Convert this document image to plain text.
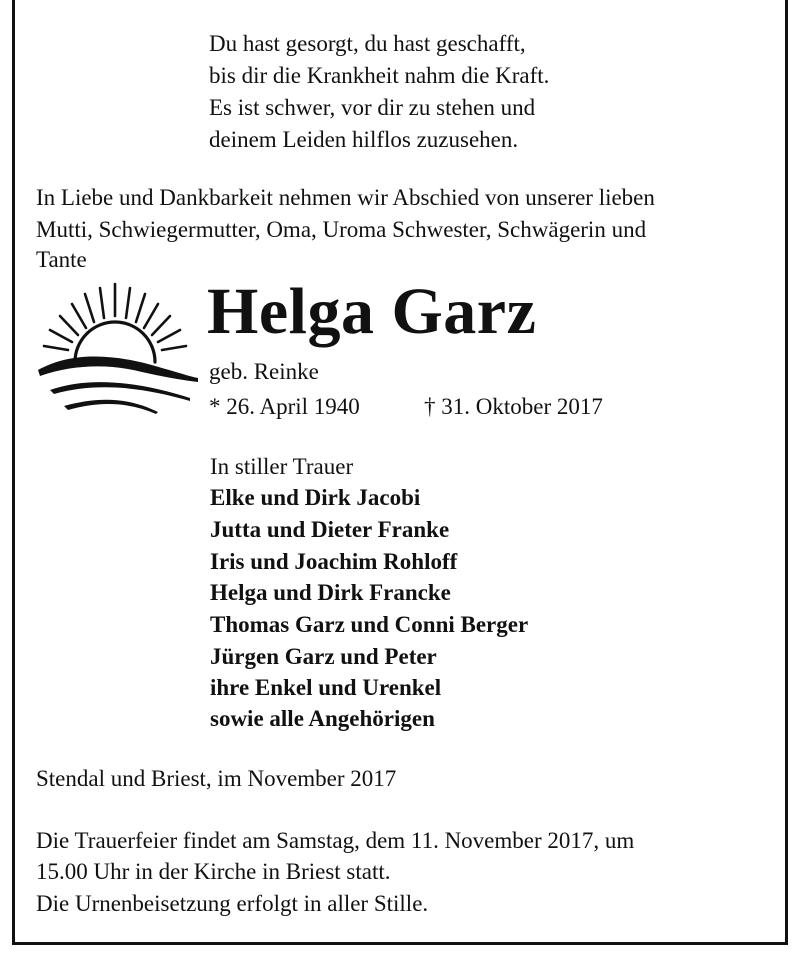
Du hast gesorgt, du hast geschafft,
bis dir die Krankheit nahm die Kraft.
Es ist schwer, vor dir zu stehen und
deinem Leiden hilflos zuzusehen.
In Liebe und Dankbarkeit nehmen wir Abschied von unserer lieben
Mutti, Schwiegermutter, Oma, Uroma Schwester, Schwägerin und
Tante
Helga Garz
geb. Reinke
* 26. April 1940	† 31. Oktober 2017
In stiller Trauer
Elke und Dirk Jacobi
Jutta und Dieter Franke
Iris und Joachim Rohloff
Helga und Dirk Francke
Thomas Garz und Conni Berger
Jürgen Garz und Peter
ihre Enkel und Urenkel
sowie alle Angehörigen
Stendal und Briest, im November 2017
Die Trauerfeier findet am Samstag, dem 11. November 2017, um
15.00 Uhr in der Kirche in Briest statt.
Die Urnenbeisetzung erfolgt in aller Stille.
